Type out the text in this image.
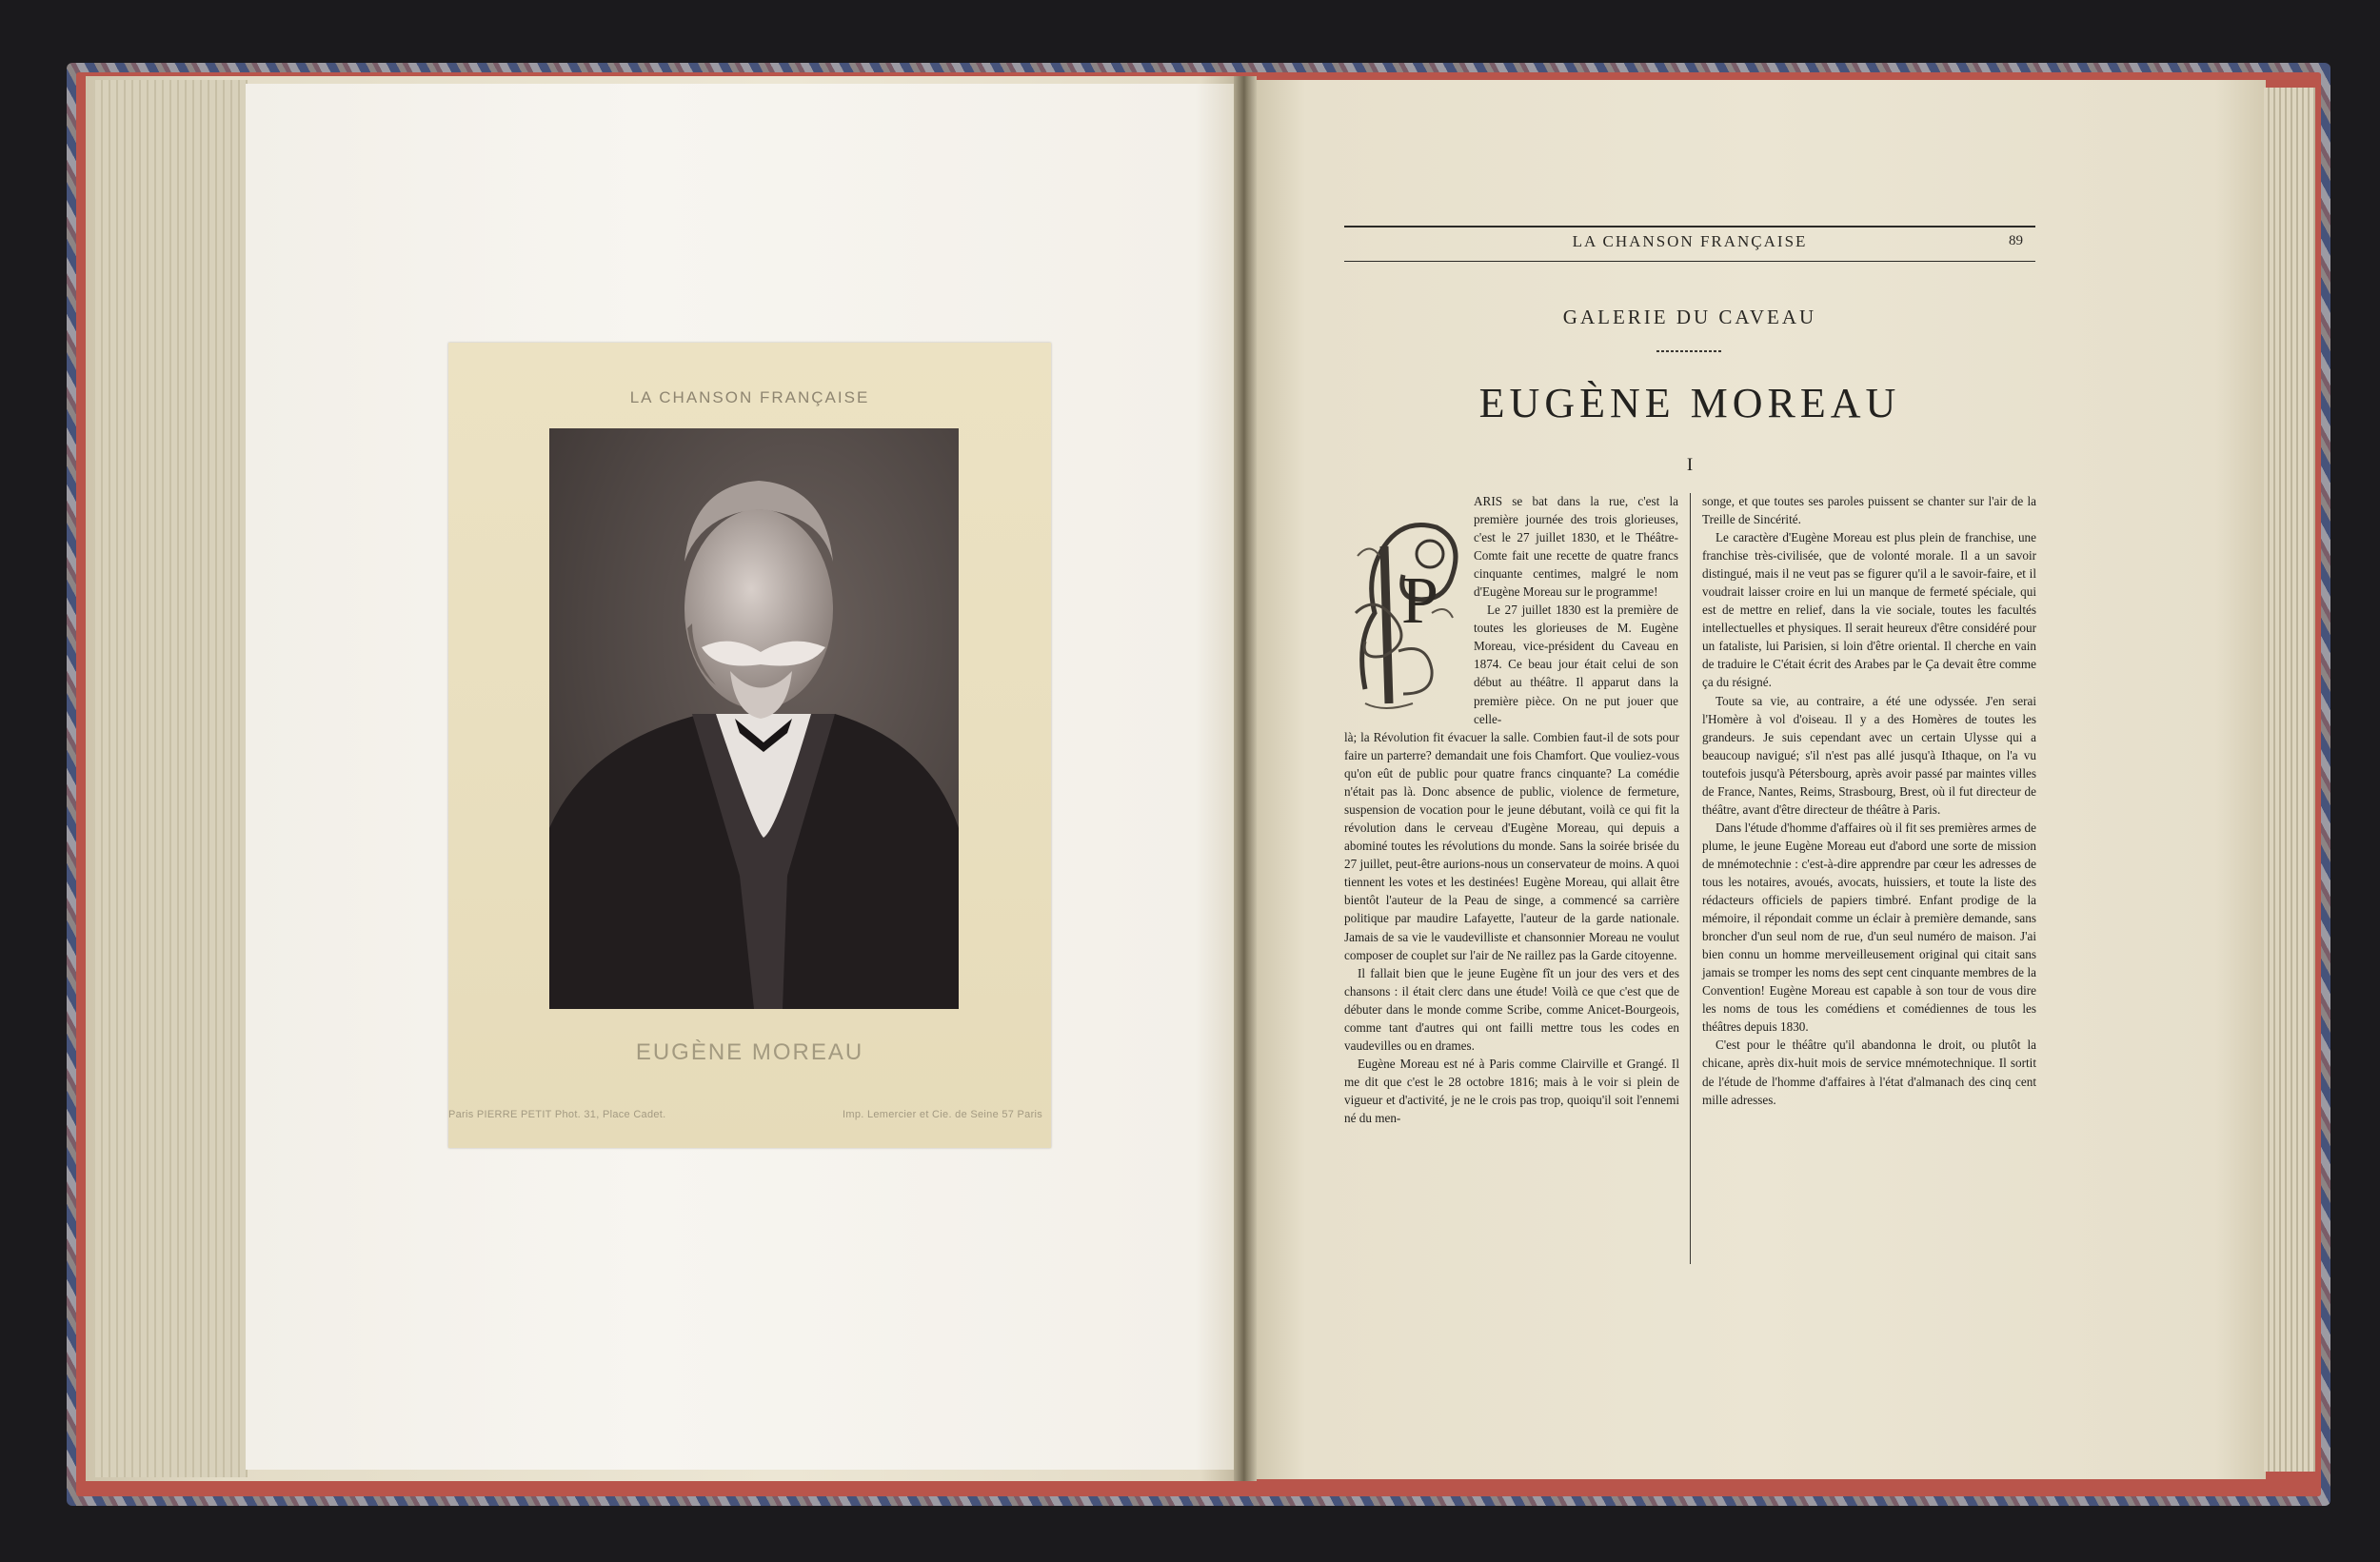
LA CHANSON FRANÇAISE
EUGÈNE MOREAU
Paris PIERRE PETIT Phot. 31, Place Cadet.	Imp. Lemercier et Cie. de Seine 57 Paris
LA CHANSON FRANÇAISE	89
GALERIE DU CAVEAU
EUGÈNE MOREAU
I
P

ARIS se bat dans la rue, c'est la première journée des trois glorieuses, c'est le 27 juillet 1830, et le Théâtre-Comte fait une recette de quatre francs cinquante centimes, malgré le nom d'Eugène Moreau sur le programme!

Le 27 juillet 1830 est la première de toutes les glorieuses de M. Eugène Moreau, vice-président du Caveau en 1874. Ce beau jour était celui de son début au théâtre. Il apparut dans la première pièce. On ne put jouer que celle-

là; la Révolution fit évacuer la salle. Combien faut-il de sots pour faire un parterre? demandait une fois Chamfort. Que vouliez-vous qu'on eût de public pour quatre francs cinquante? La comédie n'était pas là. Donc absence de public, violence de fermeture, suspension de vocation pour le jeune débutant, voilà ce qui fit la révolution dans le cerveau d'Eugène Moreau, qui depuis a abominé toutes les révolutions du monde. Sans la soirée brisée du 27 juillet, peut-être aurions-nous un conservateur de moins. A quoi tiennent les votes et les destinées! Eugène Moreau, qui allait être bientôt l'auteur de la Peau de singe, a commencé sa carrière politique par maudire Lafayette, l'auteur de la garde nationale. Jamais de sa vie le vaudevilliste et chansonnier Moreau ne voulut composer de couplet sur l'air de Ne raillez pas la Garde citoyenne.

Il fallait bien que le jeune Eugène fît un jour des vers et des chansons : il était clerc dans une étude! Voilà ce que c'est que de débuter dans le monde comme Scribe, comme Anicet-Bourgeois, comme tant d'autres qui ont failli mettre tous les codes en vaudevilles ou en drames.

Eugène Moreau est né à Paris comme Clairville et Grangé. Il me dit que c'est le 28 octobre 1816; mais à le voir si plein de vigueur et d'activité, je ne le crois pas trop, quoiqu'il soit l'ennemi né du men-

songe, et que toutes ses paroles puissent se chanter sur l'air de la Treille de Sincérité.

Le caractère d'Eugène Moreau est plus plein de franchise, une franchise très-civilisée, que de volonté morale. Il a un savoir distingué, mais il ne veut pas se figurer qu'il a le savoir-faire, et il voudrait laisser croire en lui un manque de fermeté spéciale, qui est de mettre en relief, dans la vie sociale, toutes les facultés intellectuelles et physiques. Il serait heureux d'être considéré pour un fataliste, lui Parisien, si loin d'être oriental. Il cherche en vain de traduire le C'était écrit des Arabes par le Ça devait être comme ça du résigné.

Toute sa vie, au contraire, a été une odyssée. J'en serai l'Homère à vol d'oiseau. Il y a des Homères de toutes les grandeurs. Je suis cependant avec un certain Ulysse qui a beaucoup navigué; s'il n'est pas allé jusqu'à Ithaque, on l'a vu toutefois jusqu'à Pétersbourg, après avoir passé par maintes villes de France, Nantes, Reims, Strasbourg, Brest, où il fut directeur de théâtre, avant d'être directeur de théâtre à Paris.

Dans l'étude d'homme d'affaires où il fit ses premières armes de plume, le jeune Eugène Moreau eut d'abord une sorte de mission de mnémotechnie : c'est-à-dire apprendre par cœur les adresses de tous les notaires, avoués, avocats, huissiers, et toute la liste des rédacteurs officiels de papiers timbré. Enfant prodige de la mémoire, il répondait comme un éclair à première demande, sans broncher d'un seul nom de rue, d'un seul numéro de maison. J'ai bien connu un homme merveilleusement original qui citait sans jamais se tromper les noms des sept cent cinquante membres de la Convention! Eugène Moreau est capable à son tour de vous dire les noms de tous les comédiens et comédiennes de tous les théâtres depuis 1830.

C'est pour le théâtre qu'il abandonna le droit, ou plutôt la chicane, après dix-huit mois de service mnémotechnique. Il sortit de l'étude de l'homme d'affaires à l'état d'almanach des cinq cent mille adresses.
